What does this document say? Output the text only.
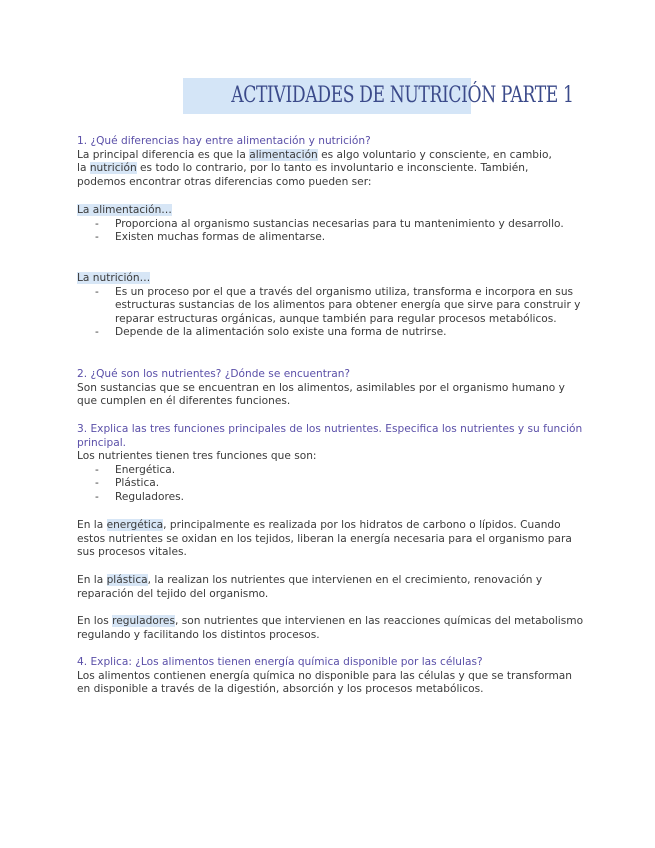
ACTIVIDADES DE NUTRICIÓN PARTE 1

1. ¿Qué diferencias hay entre alimentación y nutrición?

La principal diferencia es que la alimentación es algo voluntario y consciente, en cambio,

la nutrición es todo lo contrario, por lo tanto es involuntario e inconsciente. También,

podemos encontrar otras diferencias como pueden ser:

La alimentación…

- Proporciona al organismo sustancias necesarias para tu mantenimiento y desarrollo.
- Existen muchas formas de alimentarse.

La nutrición…

- Es un proceso por el que a través del organismo utiliza, transforma e incorpora en sus estructuras sustancias de los alimentos para obtener energía que sirve para construir y reparar estructuras orgánicas, aunque también para regular procesos metabólicos.
- Depende de la alimentación solo existe una forma de nutrirse.

2. ¿Qué son los nutrientes? ¿Dónde se encuentran?

Son sustancias que se encuentran en los alimentos, asimilables por el organismo humano y que cumplen en él diferentes funciones.

3. Explica las tres funciones principales de los nutrientes. Especifica los nutrientes y su función principal.

Los nutrientes tienen tres funciones que son:

- Energética.
- Plástica.
- Reguladores.

En la energética, principalmente es realizada por los hidratos de carbono o lípidos. Cuando estos nutrientes se oxidan en los tejidos, liberan la energía necesaria para el organismo para sus procesos vitales.

En la plástica, la realizan los nutrientes que intervienen en el crecimiento, renovación y reparación del tejido del organismo.

En los reguladores, son nutrientes que intervienen en las reacciones químicas del metabolismo regulando y facilitando los distintos procesos.

4. Explica: ¿Los alimentos tienen energía química disponible por las células?

Los alimentos contienen energía química no disponible para las células y que se transforman en disponible a través de la digestión, absorción y los procesos metabólicos.
